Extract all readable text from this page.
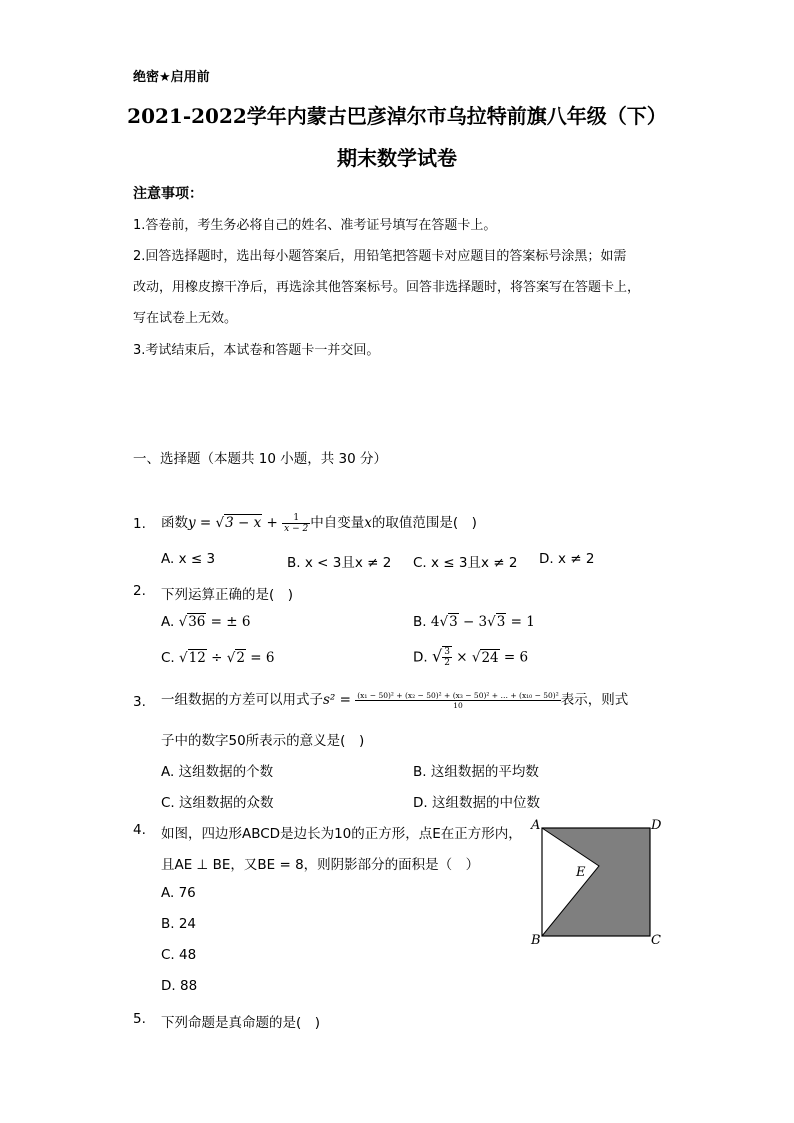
绝密★启用前
2021-2022学年内蒙古巴彦淖尔市乌拉特前旗八年级（下）
期末数学试卷
注意事项：
1.答卷前，考生务必将自己的姓名、准考证号填写在答题卡上。
2.回答选择题时，选出每小题答案后，用铅笔把答题卡对应题目的答案标号涂黑；如需
改动，用橡皮擦干净后，再选涂其他答案标号。回答非选择题时，将答案写在答题卡上，
写在试卷上无效。
3.考试结束后，本试卷和答题卡一并交回。
一、选择题（本题共 10 小题，共 30 分）
1. 函数$y = √3 - x + \frac{1}{x - 2}$ 中自变量x的取值范围是(　)
A. x ≤ 3	B. x < 3且x ≠ 2 C. x ≤ 3且x ≠ 2 D. x ≠ 2
2. 下列运算正确的是(　)
A. √36 = ± 6	B. 4√3 − 3√3 = 1
C. √12 ÷ √2 = 6	D. √ $\frac{3}{2} \times √24 = 6$
3. 一组数据的方差可以用式子$s^2 = \frac{\text{(x₁ − 50)² + (x₂ − 50)² + (x₃ − 50)² + … + (x₁₀ − 50)²}}{10}$ 表示，则式
子中的数字50所表示的意义是(　)
A. 这组数据的个数	B. 这组数据的平均数
C. 这组数据的众数	D. 这组数据的中位数
4. 如图，四边形ABCD是边长为10的正方形，点E在正方形内，
且AE ⊥ BE，又BE = 8，则阴影部分的面积是（　）
A. 76
B. 24
C. 48
D. 88
A	D
B	C
E
5. 下列命题是真命题的是(　)
